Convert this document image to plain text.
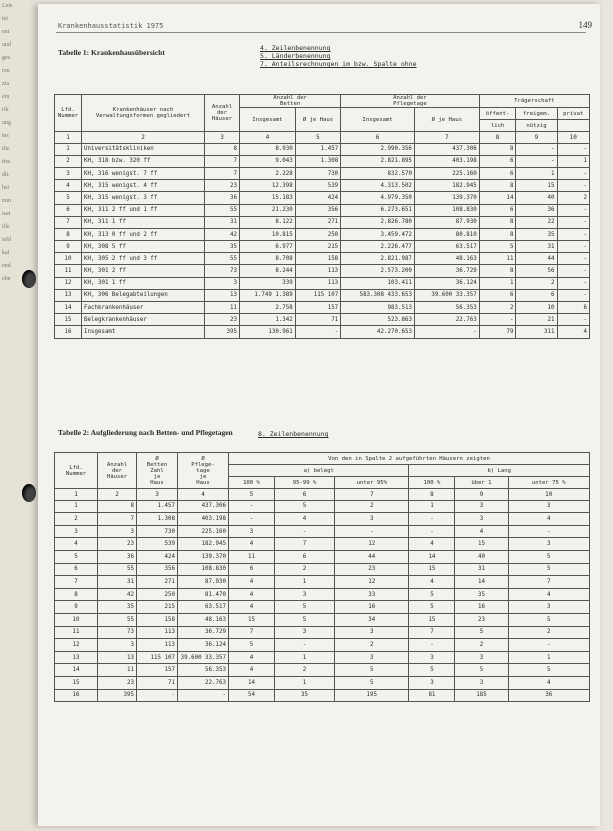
Leis
tet
ent
und
ges
ren
zia
ein
rik
ung
tes
tlie
ttes
dü.
hsi
nun
isat
ille
iebl
kal
end
ebn
Krankenhausstatistik 1975	149
Tabelle 1: Krankenhausübersicht	4. Zeilenbenennung
5. Länderbenennung
7. Anteilsrechnungen im bzw. Spalte ohne
Lfd.
Nummer	Krankenhäuser nach
Verwaltungsformen gegliedert	Anzahl
der
Häuser	Anzahl der
Betten		Anzahl der
Pflegetage		Trägerschaft		
			Insgesamt	Ø je Haus	Insgesamt	Ø je Haus	öffent-	freigem.	privat
							lich	nützig	
1	2	3	4	5	6	7	8	9	10
1	Universitätskliniken	8	8.930	1.457	2.990.356	437.306	8	-	-
2	KH, 318 bzw. 320 ff	7	9.043	1.308	2.821.895	403.198	6	-	1
3	KH, 316 wenigst. 7 ff	7	2.228	730	832.570	225.160	6	1	-
4	KH, 315 wenigst. 4 ff	23	12.398	539	4.313.502	182.945	8	15	-
5	KH, 315 wenigst. 3 ff	36	15.183	424	4.979.350	139.370	14	40	2
6	KH, 311 2 ff und 1 ff	55	21.230	356	6.273.651	108.830	6	36	-
7	KH, 311 1 ff	31	8.122	271	2.826.780	87.930	8	22	-
8	KH, 313 0 ff und 2 ff	42	10.815	250	3.459.472	80.810	8	35	-
9	KH, 308 5 ff	35	6.977	215	2.226.477	63.517	5	31	-
10	KH, 305 2 ff und 3 ff	55	8.708	158	2.821.987	48.163	11	44	-
11	KH, 301 2 ff	73	8.244	113	2.573.200	36.729	8	56	-
12	KH, 301 1 ff	3	339	113	103.411	36.124	1	2	-
13	KH, 306 Belegabteilungen	13	1.749 1.389	115 107	583.308 433.653	39.600 33.357	6	6	-
14	Fachkrankenhäuser	11	2.758	157	983.513	56.353	2	10	6
15	Belegkrankenhäuser	23	1.342	71	523.863	22.763	-	21	-
16	Insgesamt	395	130.961	-	42.270.653	-	79	311	4
Tabelle 2: Aufgliederung nach Betten- und Pflegetagen	8. Zeilenbenennung
Lfd.
Nummer	Anzahl
der
Häuser	Ø
Betten
Zahl
je
Haus	Ø
Pflege-
tage
je
Haus	Von den in Spalte 2 aufgeführten Häusern zeigten					
				a) belegt			b) Lang		
				100 %	95-99 %	unter 95%	100 %	über 1	unter 75 %
1	2	3	4	5	6	7	8	9	10
1	8	1.457	437.306	-	5	2	1	3	3
2	7	1.308	403.198	-	4	3	-	3	4
3	3	730	225.160	3	-	-	-	4	-
4	23	539	182.945	4	7	12	4	15	3
5	36	424	139.370	11	6	44	14	40	5
6	55	356	108.830	6	2	23	15	31	5
7	31	271	87.930	4	1	12	4	14	7
8	42	250	81.470	4	3	33	5	35	4
9	35	215	63.517	4	5	16	5	16	3
10	55	158	48.163	15	5	34	15	23	5
11	73	113	36.729	7	3	3	7	5	2
12	3	113	36.124	5	-	2	-	2	-
13	13	115 107	39.600 33.357	4	1	3	3	3	1
14	11	157	56.353	4	2	5	5	5	5
15	23	71	22.763	14	1	5	3	3	4
16	395	-	-	54	35	195	81	185	36
